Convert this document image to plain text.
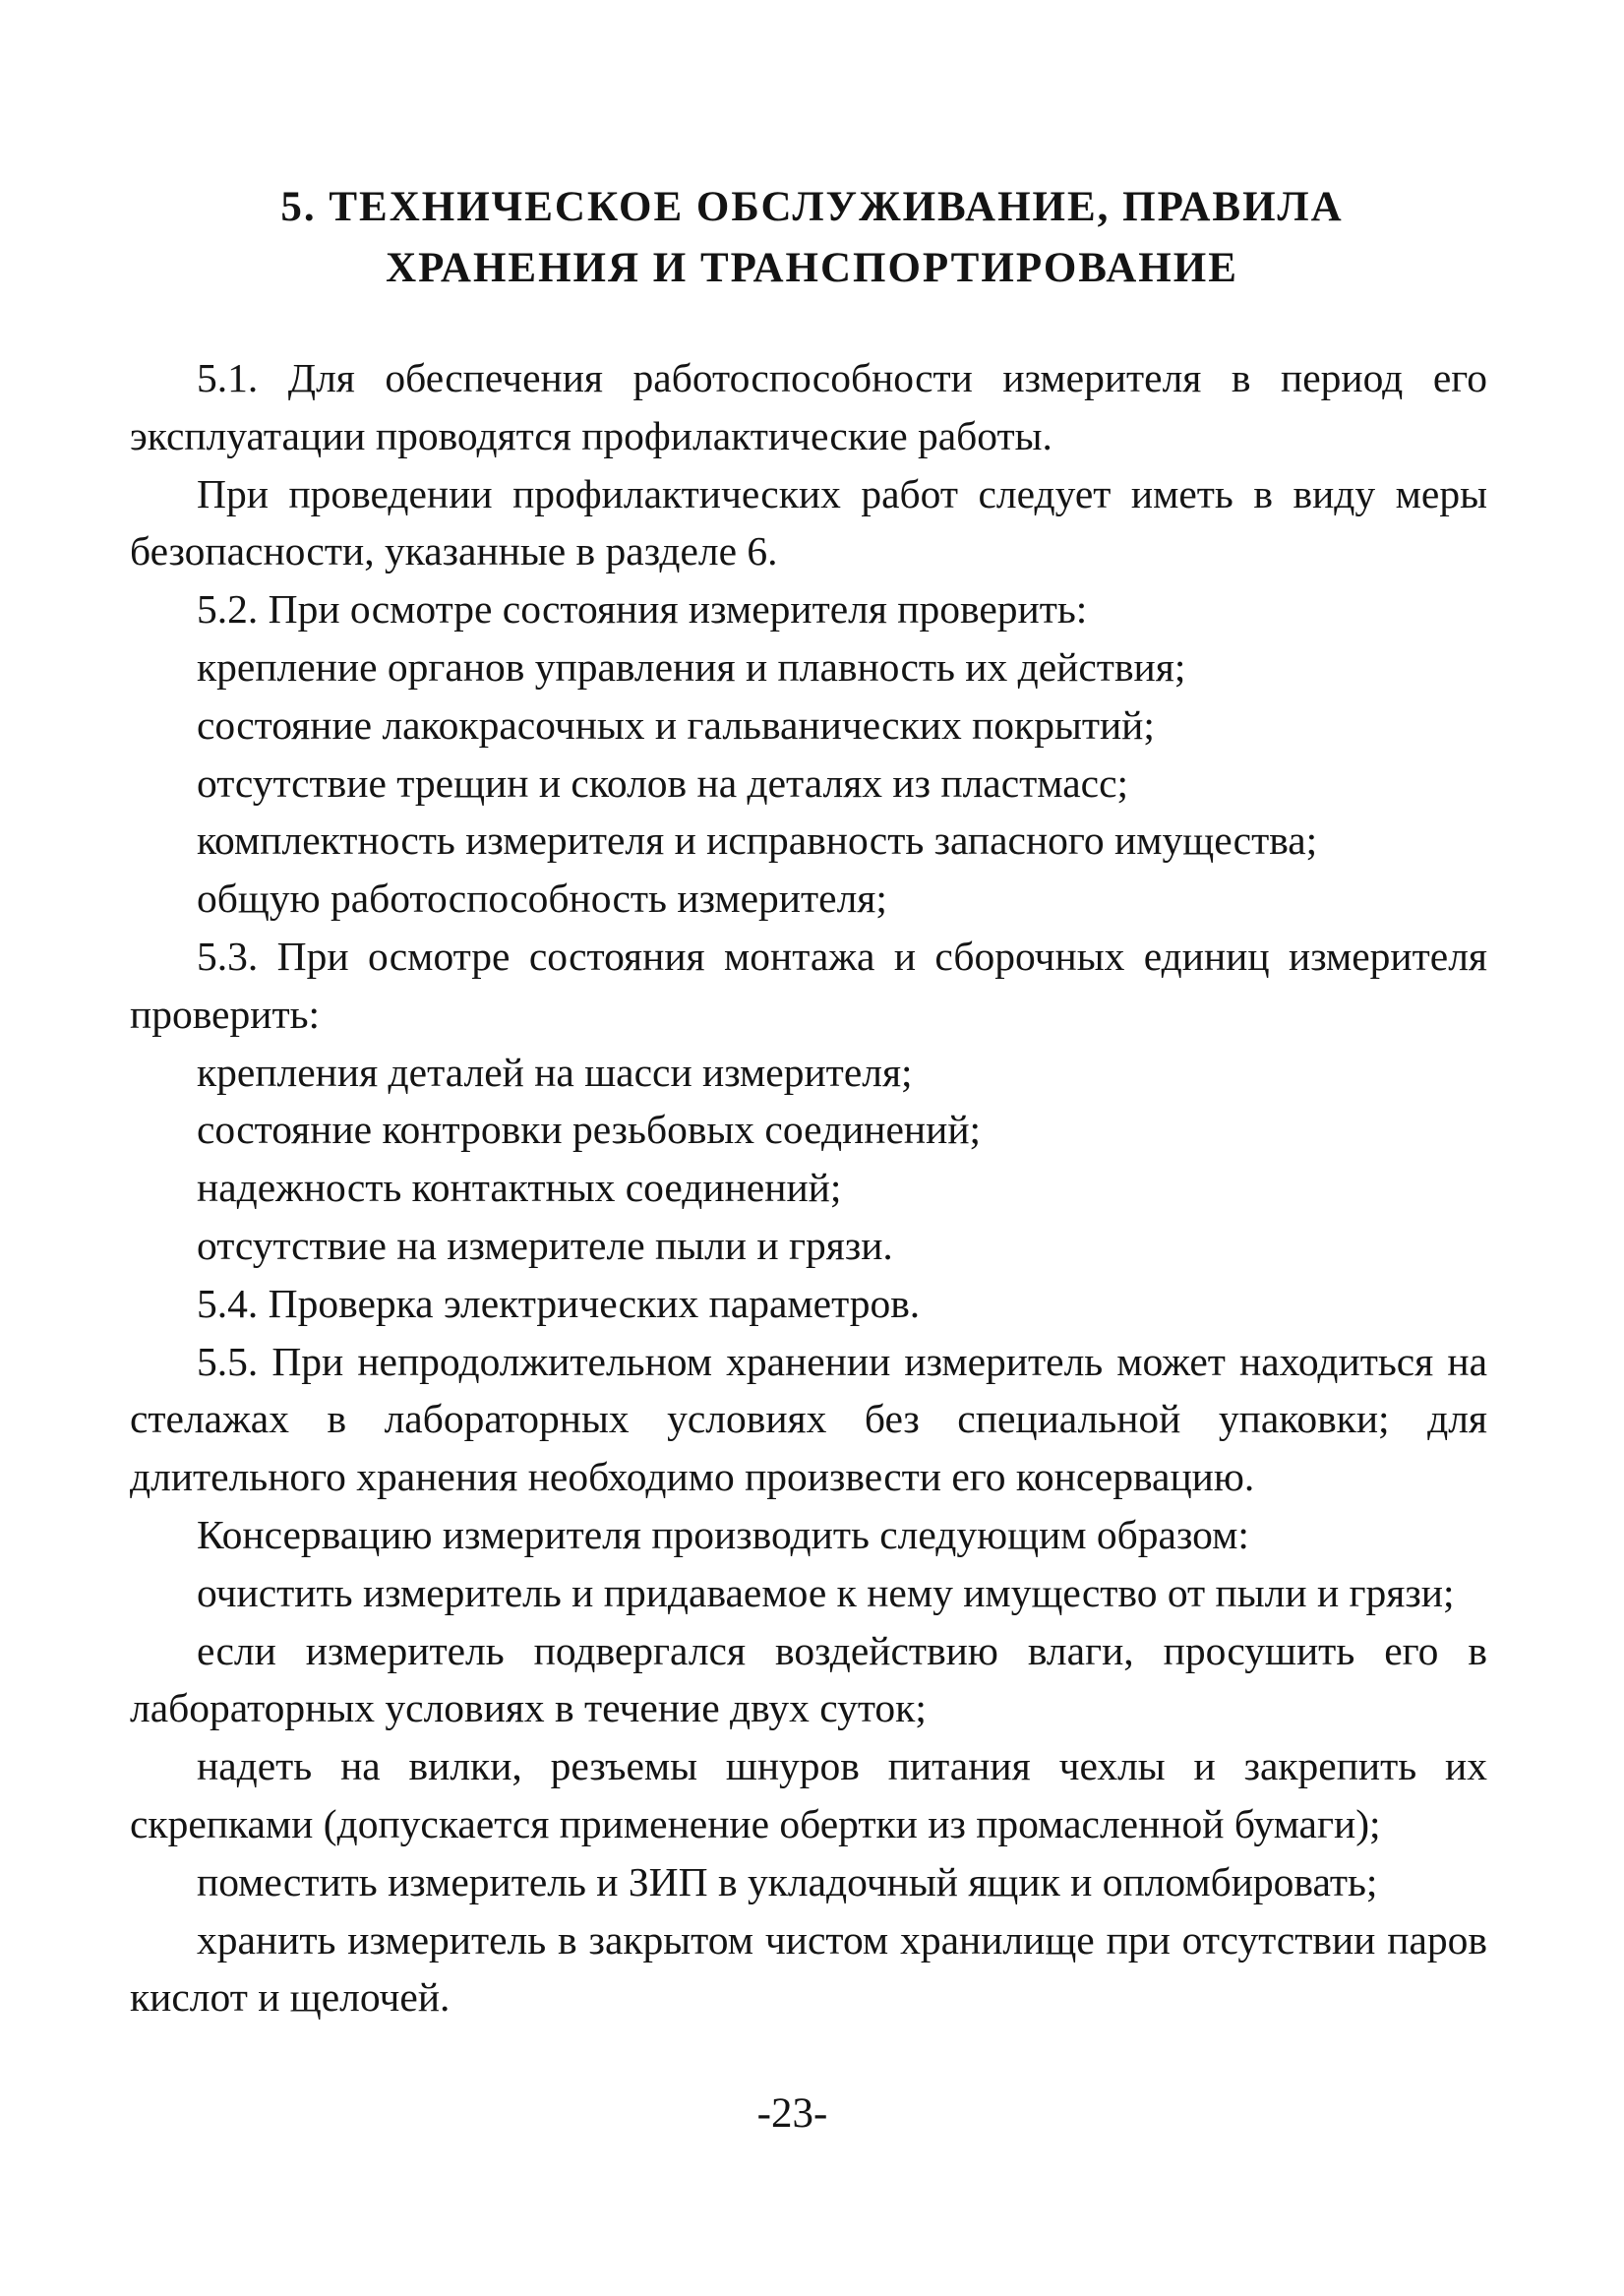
5. ТЕХНИЧЕСКОЕ ОБСЛУЖИВАНИЕ, ПРАВИЛА
ХРАНЕНИЯ И ТРАНСПОРТИРОВАНИЕ

5.1. Для обеспечения работоспособности измерителя в период его эксплуатации проводятся профилактические работы.

При проведении профилактических работ следует иметь в виду меры безопасности, указанные в разделе 6.

5.2. При осмотре состояния измерителя проверить:

крепление органов управления и плавность их действия;

состояние лакокрасочных и гальванических покрытий;

отсутствие трещин и сколов на деталях из пластмасс;

комплектность измерителя и исправность запасного имущества;

общую работоспособность измерителя;

5.3. При осмотре состояния монтажа и сборочных единиц измерителя проверить:

крепления деталей на шасси измерителя;

состояние контровки резьбовых соединений;

надежность контактных соединений;

отсутствие на измерителе пыли и грязи.

5.4. Проверка электрических параметров.

5.5. При непродолжительном хранении измеритель может находиться на стелажах в лабораторных условиях без специальной упаковки; для длительного хранения необходимо произвести его консервацию.

Консервацию измерителя производить следующим образом:

очистить измеритель и придаваемое к нему имущество от пыли и грязи;

если измеритель подвергался воздействию влаги, просушить его в лабораторных условиях в течение двух суток;

надеть на вилки, резъемы шнуров питания чехлы и закрепить их скрепками (допускается применение обертки из промасленной бумаги);

поместить измеритель и ЗИП в укладочный ящик и опломбировать;

хранить измеритель в закрытом чистом хранилище при отсутствии паров кислот и щелочей.

-23-
